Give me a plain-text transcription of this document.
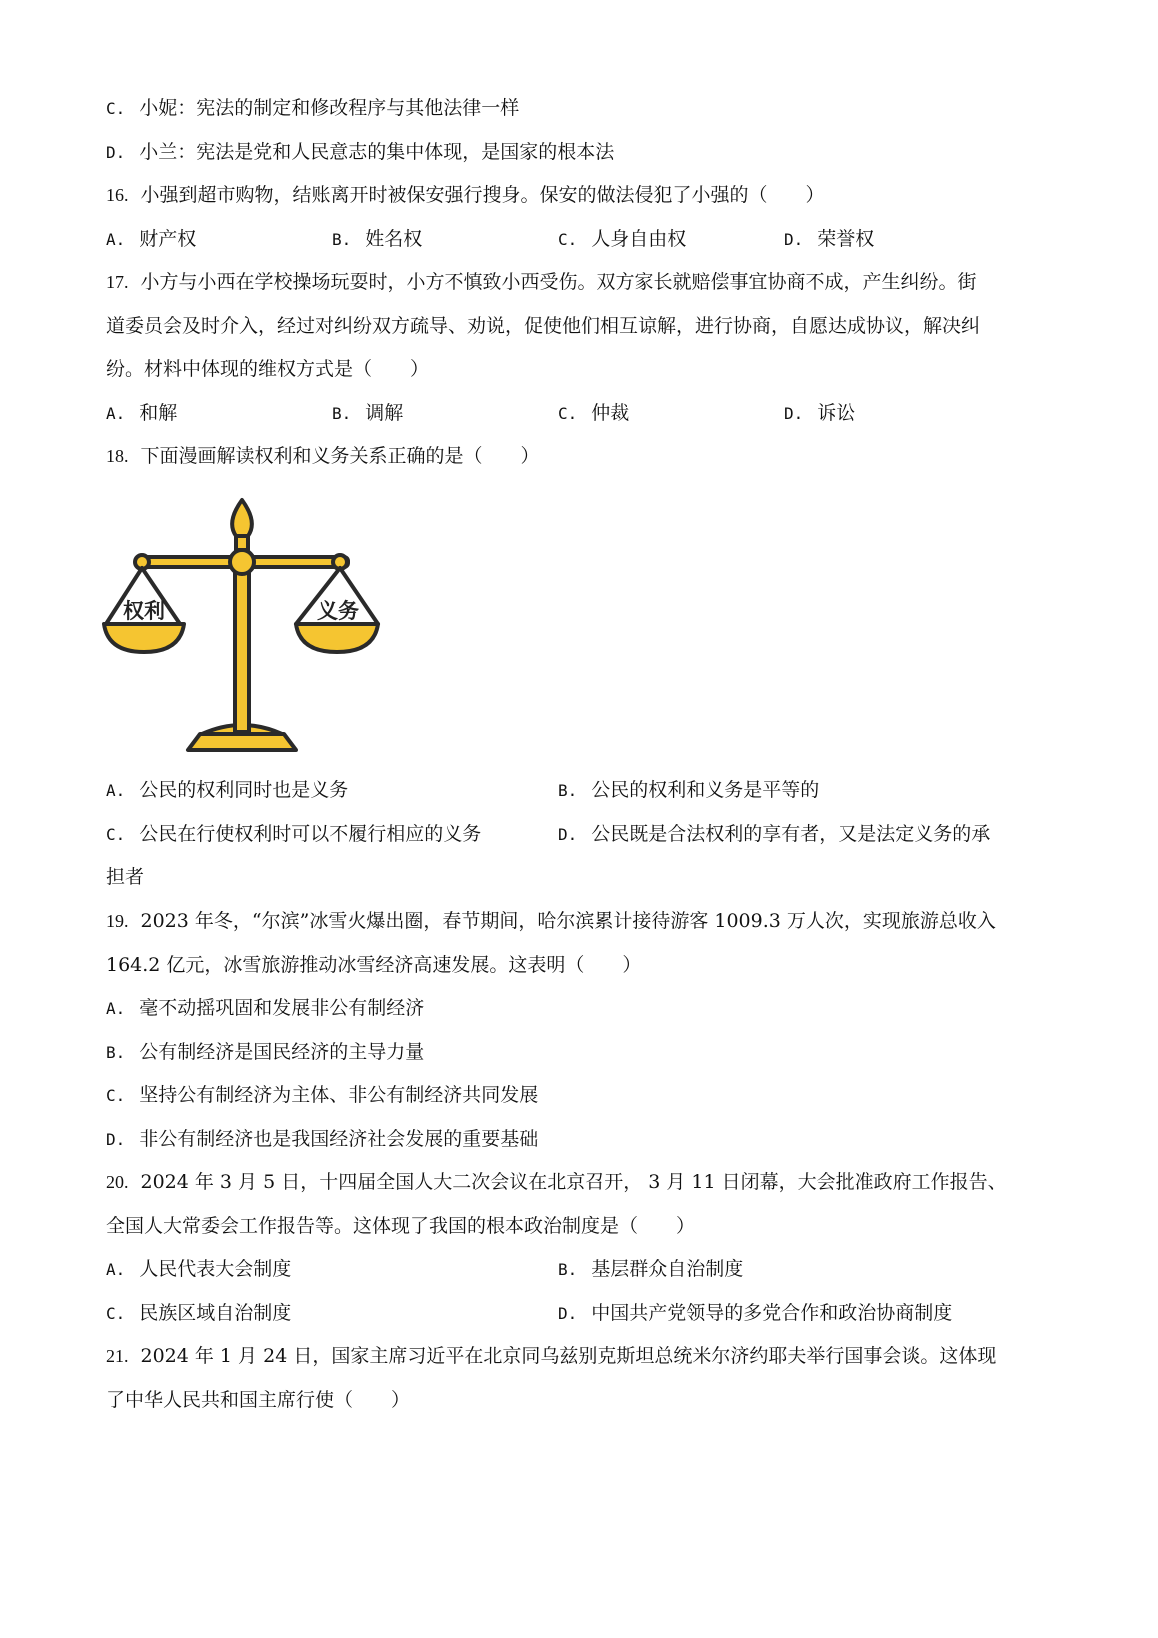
C. 小妮：宪法的制定和修改程序与其他法律一样
D. 小兰：宪法是党和人民意志的集中体现，是国家的根本法
16. 小强到超市购物，结账离开时被保安强行搜身。保安的做法侵犯了小强的（　　）
A. 财产权	B. 姓名权	C. 人身自由权	D. 荣誉权
17. 小方与小西在学校操场玩耍时，小方不慎致小西受伤。双方家长就赔偿事宜协商不成，产生纠纷。街
道委员会及时介入，经过对纠纷双方疏导、劝说，促使他们相互谅解，进行协商，自愿达成协议，解决纠
纷。材料中体现的维权方式是（　　）
A. 和解	B. 调解	C. 仲裁	D. 诉讼
18. 下面漫画解读权利和义务关系正确的是（　　）
权利	义务
A. 公民的权利同时也是义务	B. 公民的权利和义务是平等的
C. 公民在行使权利时可以不履行相应的义务	D. 公民既是合法权利的享有者，又是法定义务的承
担者
19. 2023 年冬，“尔滨”冰雪火爆出圈，春节期间，哈尔滨累计接待游客 1009.3 万人次，实现旅游总收入
164.2 亿元，冰雪旅游推动冰雪经济高速发展。这表明（　　）
A. 毫不动摇巩固和发展非公有制经济
B. 公有制经济是国民经济的主导力量
C. 坚持公有制经济为主体、非公有制经济共同发展
D. 非公有制经济也是我国经济社会发展的重要基础
20. 2024 年 3 月 5 日，十四届全国人大二次会议在北京召开， 3 月 11 日闭幕，大会批准政府工作报告、
全国人大常委会工作报告等。这体现了我国的根本政治制度是（　　）
A. 人民代表大会制度	B. 基层群众自治制度
C. 民族区域自治制度	D. 中国共产党领导的多党合作和政治协商制度
21. 2024 年 1 月 24 日，国家主席习近平在北京同乌兹别克斯坦总统米尔济约耶夫举行国事会谈。这体现
了中华人民共和国主席行使（　　）
